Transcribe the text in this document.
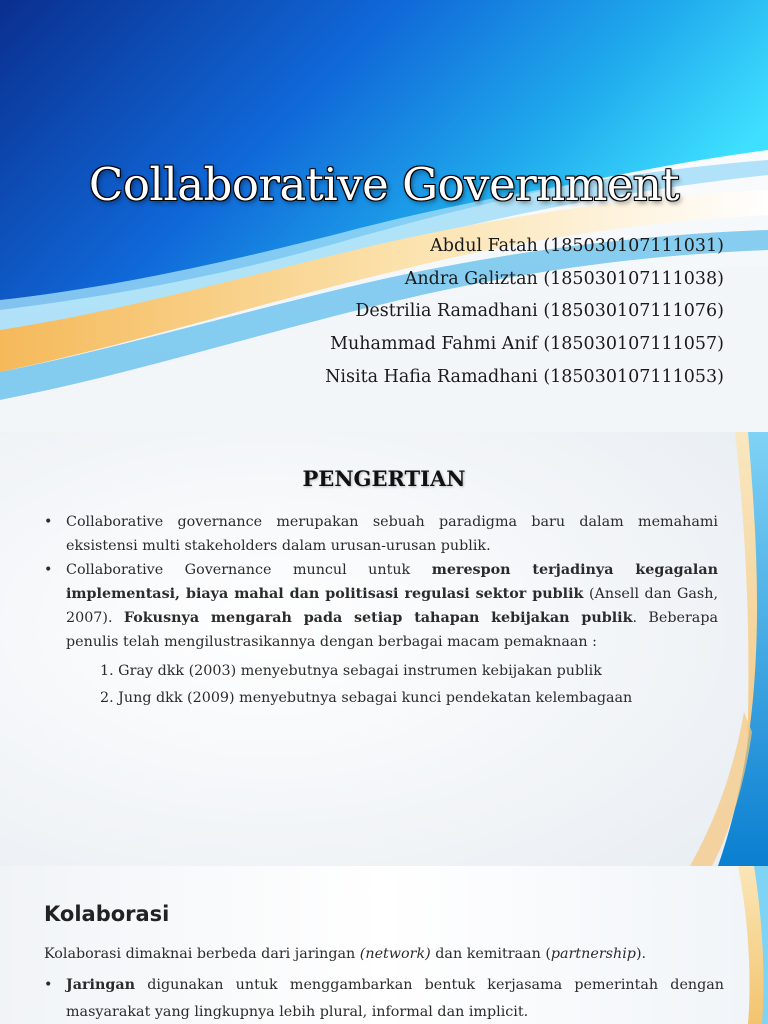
Collaborative Government
Abdul Fatah (185030107111031)
Andra Galiztan (185030107111038)
Destrilia Ramadhani (185030107111076)
Muhammad Fahmi Anif (185030107111057)
Nisita Hafia Ramadhani (185030107111053)
PENGERTIAN
• Collaborative governance merupakan sebuah paradigma baru dalam memahami eksistensi multi stakeholders dalam urusan-urusan publik.
• Collaborative Governance muncul untuk merespon terjadinya kegagalan implementasi, biaya mahal dan politisasi regulasi sektor publik (Ansell dan Gash, 2007). Fokusnya mengarah pada setiap tahapan kebijakan publik. Beberapa penulis telah mengilustrasikannya dengan berbagai macam pemaknaan :
1. Gray dkk (2003) menyebutnya sebagai instrumen kebijakan publik
2. Jung dkk (2009) menyebutnya sebagai kunci pendekatan kelembagaan
Kolaborasi

Kolaborasi dimaknai berbeda dari jaringan (network) dan kemitraan (partnership).

• Jaringan digunakan untuk menggambarkan bentuk kerjasama pemerintah dengan masyarakat yang lingkupnya lebih plural, informal dan implicit.
